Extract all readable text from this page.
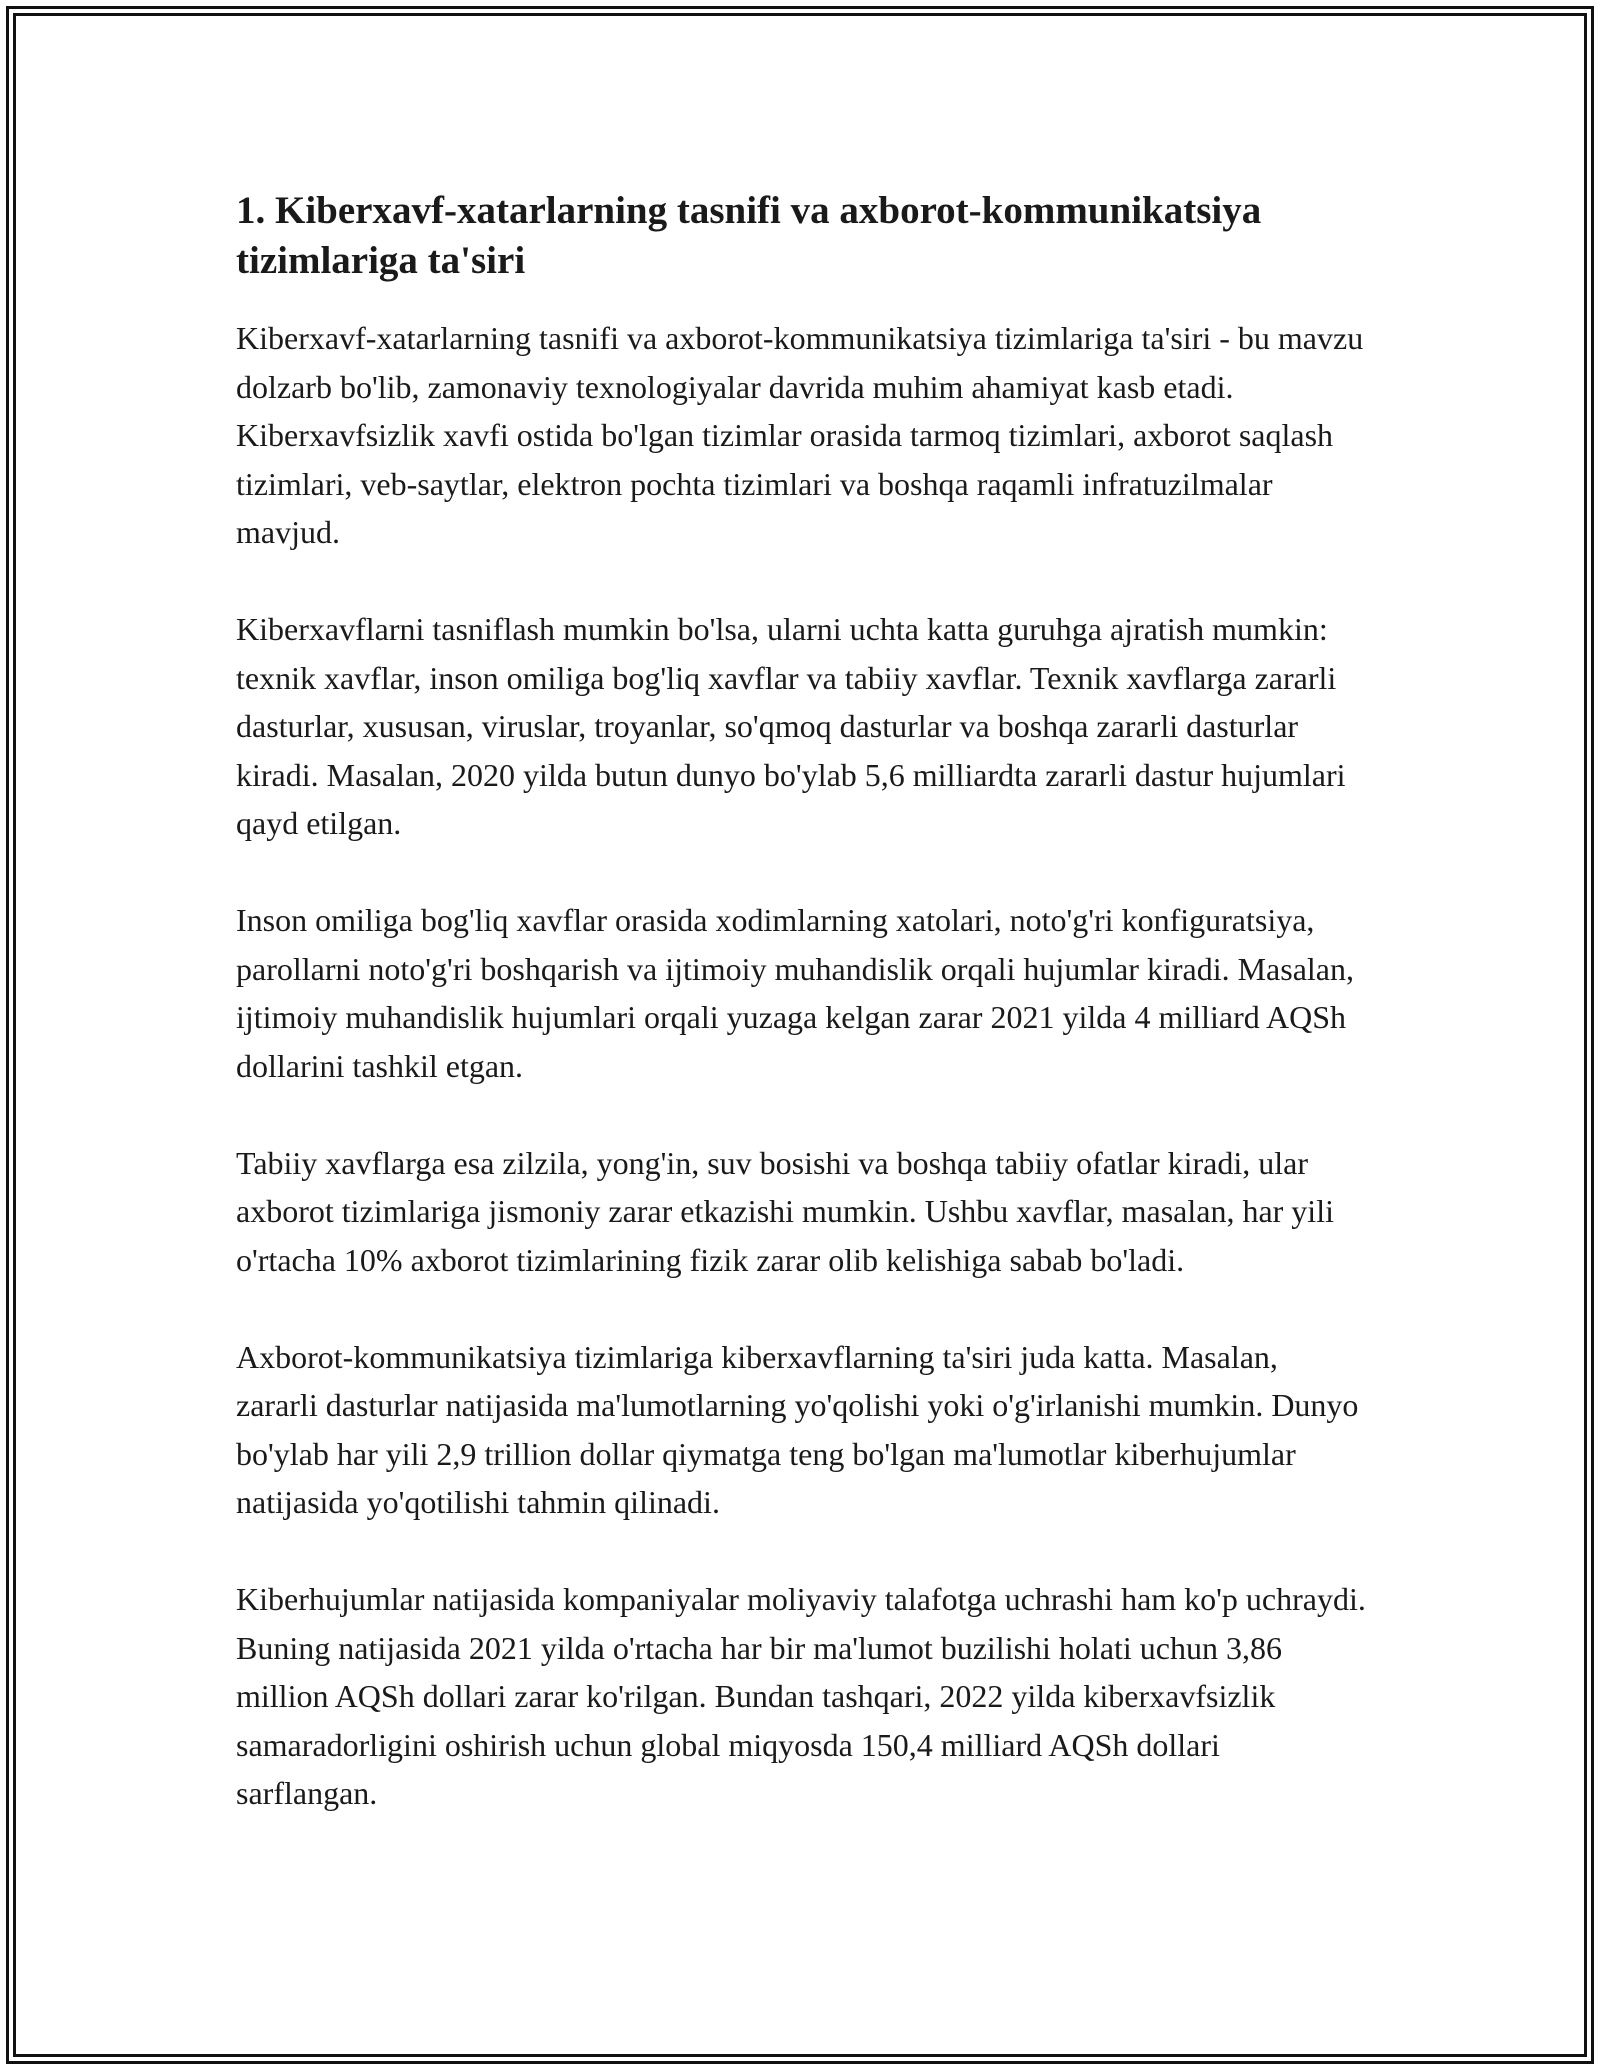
1. Kiberxavf-xatarlarning tasnifi va axborot-kommunikatsiya tizimlariga ta'siri

Kiberxavf-xatarlarning tasnifi va axborot-kommunikatsiya tizimlariga ta'siri - bu mavzu dolzarb bo'lib, zamonaviy texnologiyalar davrida muhim ahamiyat kasb etadi. Kiberxavfsizlik xavfi ostida bo'lgan tizimlar orasida tarmoq tizimlari, axborot saqlash tizimlari, veb-saytlar, elektron pochta tizimlari va boshqa raqamli infratuzilmalar mavjud.

Kiberxavflarni tasniflash mumkin bo'lsa, ularni uchta katta guruhga ajratish mumkin: texnik xavflar, inson omiliga bog'liq xavflar va tabiiy xavflar. Texnik xavflarga zararli dasturlar, xususan, viruslar, troyanlar, so'qmoq dasturlar va boshqa zararli dasturlar kiradi. Masalan, 2020 yilda butun dunyo bo'ylab 5,6 milliardta zararli dastur hujumlari qayd etilgan.

Inson omiliga bog'liq xavflar orasida xodimlarning xatolari, noto'g'ri konfiguratsiya, parollarni noto'g'ri boshqarish va ijtimoiy muhandislik orqali hujumlar kiradi. Masalan, ijtimoiy muhandislik hujumlari orqali yuzaga kelgan zarar 2021 yilda 4 milliard AQSh dollarini tashkil etgan.

Tabiiy xavflarga esa zilzila, yong'in, suv bosishi va boshqa tabiiy ofatlar kiradi, ular axborot tizimlariga jismoniy zarar etkazishi mumkin. Ushbu xavflar, masalan, har yili o'rtacha 10% axborot tizimlarining fizik zarar olib kelishiga sabab bo'ladi.

Axborot-kommunikatsiya tizimlariga kiberxavflarning ta'siri juda katta. Masalan, zararli dasturlar natijasida ma'lumotlarning yo'qolishi yoki o'g'irlanishi mumkin. Dunyo bo'ylab har yili 2,9 trillion dollar qiymatga teng bo'lgan ma'lumotlar kiberhujumlar natijasida yo'qotilishi tahmin qilinadi.

Kiberhujumlar natijasida kompaniyalar moliyaviy talafotga uchrashi ham ko'p uchraydi. Buning natijasida 2021 yilda o'rtacha har bir ma'lumot buzilishi holati uchun 3,86 million AQSh dollari zarar ko'rilgan. Bundan tashqari, 2022 yilda kiberxavfsizlik samaradorligini oshirish uchun global miqyosda 150,4 milliard AQSh dollari sarflangan.
